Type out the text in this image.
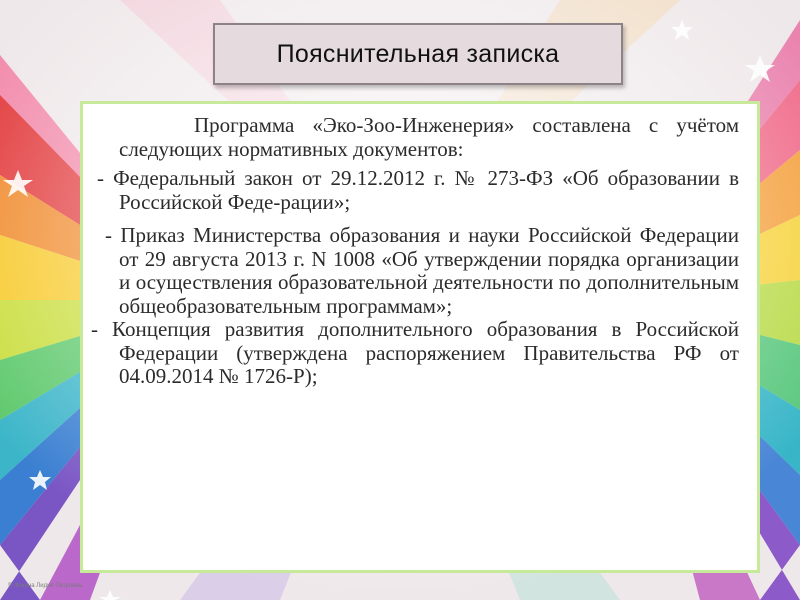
Пояснительная записка

Программа «Эко-Зоо-Инженерия» составлена с учётом следующих нормативных документов:

- Федеральный закон от 29.12.2012 г. № 273-ФЗ «Об образовании в Российской Феде-рации»;

- Приказ Министерства образования и науки Российской Федерации от 29 августа 2013 г. N 1008 «Об утверждении порядка организации и осуществления образовательной деятельности по дополнительным общеобразовательным программам»;

- Концепция развития дополнительного образования в Российской Федерации (утверждена распоряжением Правительства РФ от 04.09.2014 № 1726-Р);

© Фокина Лидия Петровна
